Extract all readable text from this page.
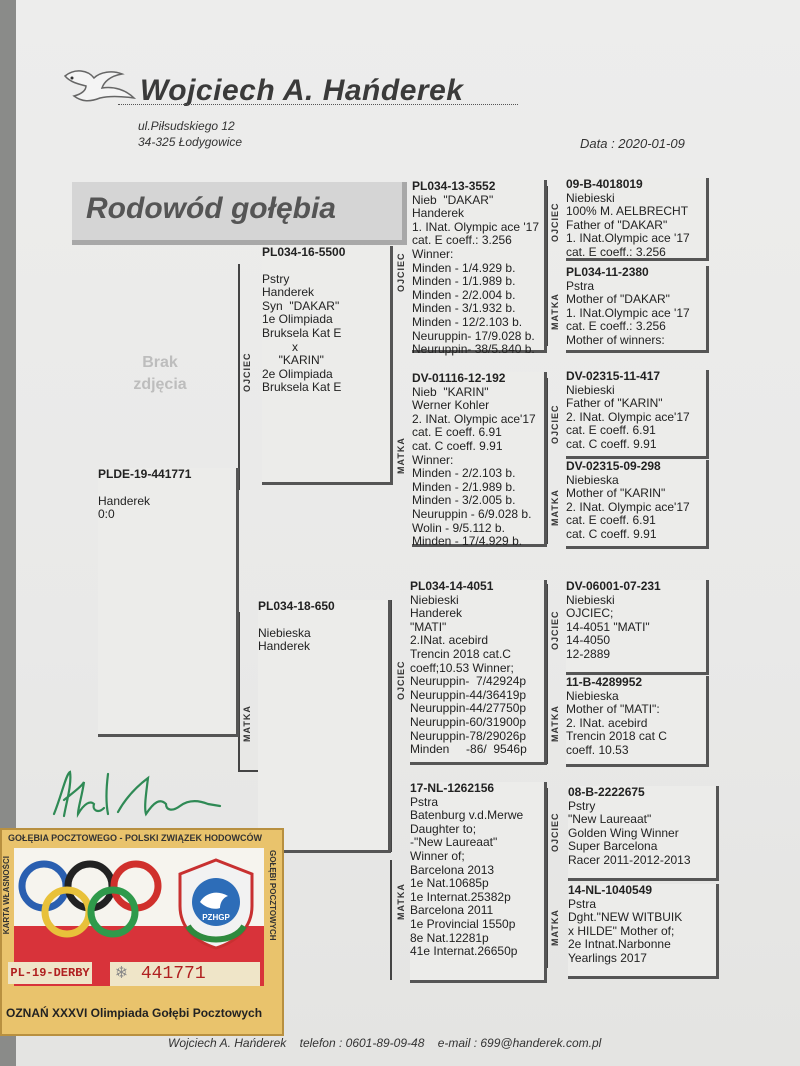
Wojciech A. Hańderek
ul.Piłsudskiego 12
34-325 Łodygowice	Data : 2020-01-09
Rodowód gołębia
Brak zdjęcia	OJCIEC
MATKA
OJCIEC
MATKA
OJCIEC
MATKA
OJCIEC
MATKA
OJCIEC
MATKA
OJCIEC
MATKA
OJCIEC
MATKA
PLDE-19-441771
Handerek
0:0
PL034-16-5500
Pstry
Handerek
Syn  "DAKAR"
1e Olimpiada
Bruksela Kat E
x
"KARIN"
2e Olimpiada
Bruksela Kat E
PL034-18-650
Niebieska
Handerek
PL034-13-3552
Nieb  "DAKAR"
Handerek
1. INat. Olympic ace '17
cat. E coeff.: 3.256
Winner:
Minden - 1/4.929 b.
Minden - 1/1.989 b.
Minden - 2/2.004 b.
Minden - 3/1.932 b.
Minden - 12/2.103 b.
Neuruppin- 17/9.028 b.
Neuruppin- 38/5.840 b.
DV-01116-12-192
Nieb  "KARIN"
Werner Kohler
2. INat. Olympic ace'17
cat. E coeff. 6.91
cat. C coeff. 9.91
Winner:
Minden - 2/2.103 b.
Minden - 2/1.989 b.
Minden - 3/2.005 b.
Neuruppin - 6/9.028 b.
Wolin - 9/5.112 b.
Minden - 17/4.929 b.
PL034-14-4051
Niebieski
Handerek
"MATI"
2.INat. acebird
Trencin 2018 cat.C
coeff;10.53 Winner;
Neuruppin-  7/42924p
Neuruppin-44/36419p
Neuruppin-44/27750p
Neuruppin-60/31900p
Neuruppin-78/29026p
Minden     -86/  9546p
17-NL-1262156
Pstra
Batenburg v.d.Merwe
Daughter to;
-"New Laureaat"
Winner of;
Barcelona 2013
1e Nat.10685p
1e Internat.25382p
Barcelona 2011
1e Provincial 1550p
8e Nat.12281p
41e Internat.26650p
09-B-4018019
Niebieski
100% M. AELBRECHT
Father of "DAKAR"
1. INat.Olympic ace '17
cat. E coeff.: 3.256
PL034-11-2380
Pstra
Mother of "DAKAR"
1. INat.Olympic ace '17
cat. E coeff.: 3.256
Mother of winners:
DV-02315-11-417
Niebieski
Father of "KARIN"
2. INat. Olympic ace'17
cat. E coeff. 6.91
cat. C coeff. 9.91
DV-02315-09-298
Niebieska
Mother of "KARIN"
2. INat. Olympic ace'17
cat. E coeff. 6.91
cat. C coeff. 9.91
DV-06001-07-231
Niebieski
OJCIEC;
14-4051 "MATI"
14-4050
12-2889
11-B-4289952
Niebieska
Mother of "MATI":
2. INat. acebird
Trencin 2018 cat C
coeff. 10.53
08-B-2222675
Pstry
"New Laureaat"
Golden Wing Winner
Super Barcelona
Racer 2011-2012-2013
14-NL-1040549
Pstra
Dght."NEW WITBUIK
x HILDE" Mother of;
2e Intnat.Narbonne
Yearlings 2017
GOŁĘBIA POCZTOWEGO - POLSKI ZWIĄZEK HODOWCÓW
KARTA WŁASNOŚCI	GOŁĘBI POCZTOWYCH
PZHGP
PL-19-DERBY	❄ 441771
OZNAŃ XXXVI Olimpiada Gołębi Pocztowych
Wojciech A. Hańderek    telefon : 0601-89-09-48    e-mail : 699@handerek.com.pl
